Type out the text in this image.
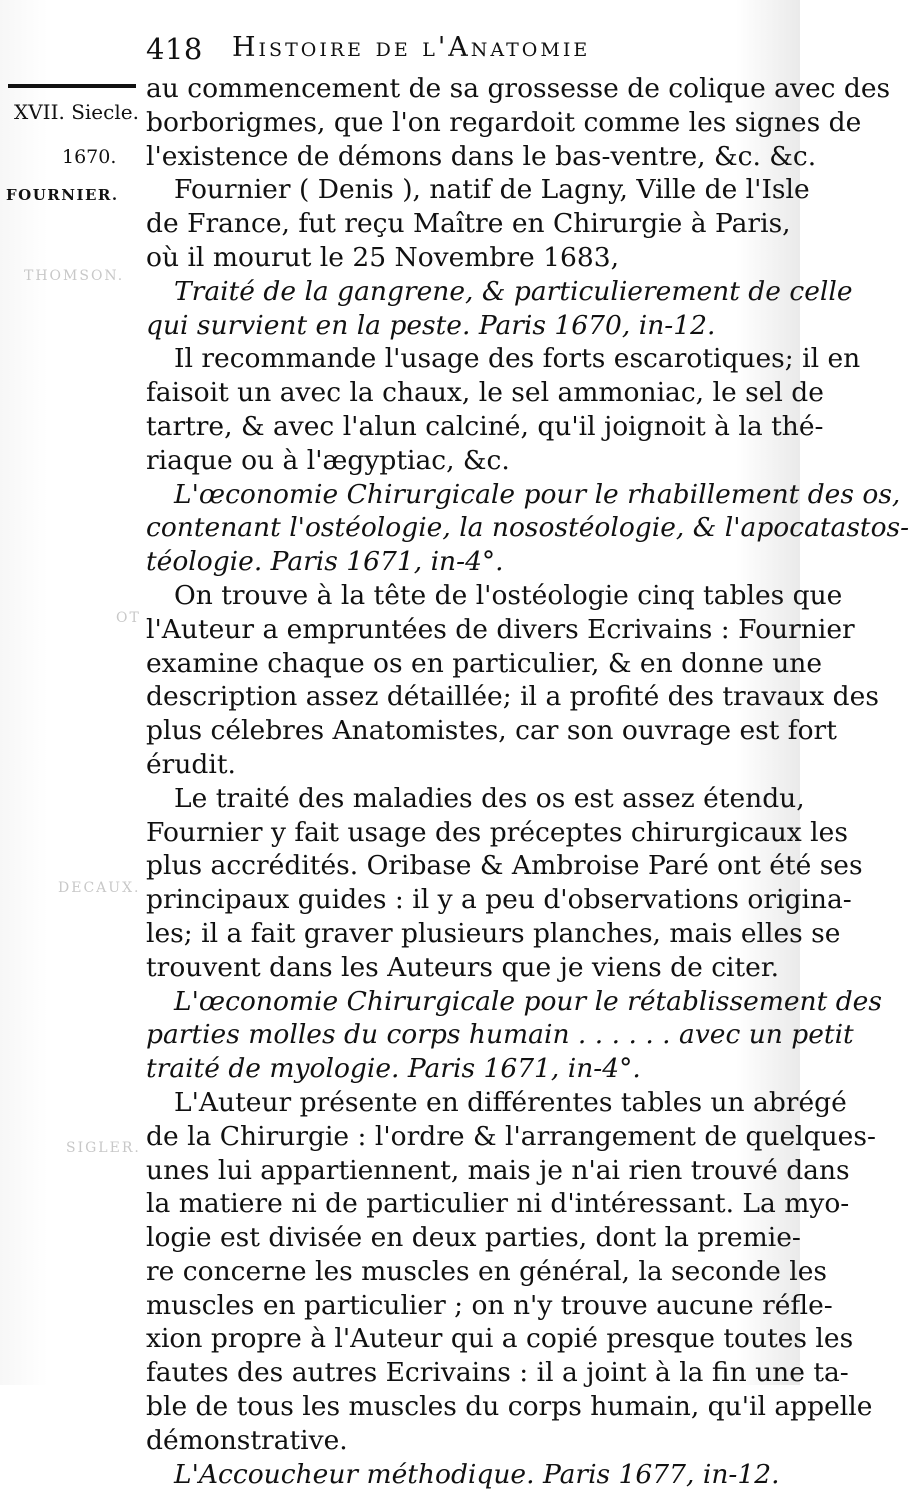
THOMSON.
OT
DECAUX.
SIGLER.
418 Histoire de l'Anatomie
XVII. Siecle.
1670.
FOURNIER.
au commencement de sa grossesse de colique avec des
borborigmes, que l'on regardoit comme les signes de
l'existence de démons dans le bas-ventre, &c. &c.
Fournier ( Denis ), natif de Lagny, Ville de l'Isle
de France, fut reçu Maître en Chirurgie à Paris,
où il mourut le 25 Novembre 1683,
Traité de la gangrene, & particulierement de celle
qui survient en la peste. Paris 1670, in-12.
Il recommande l'usage des forts escarotiques; il en
faisoit un avec la chaux, le sel ammoniac, le sel de
tartre, & avec l'alun calciné, qu'il joignoit à la thé-
riaque ou à l'ægyptiac, &c.
L'œconomie Chirurgicale pour le rhabillement des os,
contenant l'ostéologie, la nosostéologie, & l'apocatastos-
téologie. Paris 1671, in-4°.
On trouve à la tête de l'ostéologie cinq tables que
l'Auteur a empruntées de divers Ecrivains : Fournier
examine chaque os en particulier, & en donne une
description assez détaillée; il a profité des travaux des
plus célebres Anatomistes, car son ouvrage est fort
érudit.
Le traité des maladies des os est assez étendu,
Fournier y fait usage des préceptes chirurgicaux les
plus accrédités. Oribase & Ambroise Paré ont été ses
principaux guides : il y a peu d'observations origina-
les; il a fait graver plusieurs planches, mais elles se
trouvent dans les Auteurs que je viens de citer.
L'œconomie Chirurgicale pour le rétablissement des
parties molles du corps humain . . . . . . avec un petit
traité de myologie. Paris 1671, in-4°.
L'Auteur présente en différentes tables un abrégé
de la Chirurgie : l'ordre & l'arrangement de quelques-
unes lui appartiennent, mais je n'ai rien trouvé dans
la matiere ni de particulier ni d'intéressant. La myo-
logie est divisée en deux parties, dont la premie-
re concerne les muscles en général, la seconde les
muscles en particulier ; on n'y trouve aucune réfle-
xion propre à l'Auteur qui a copié presque toutes les
fautes des autres Ecrivains : il a joint à la fin une ta-
ble de tous les muscles du corps humain, qu'il appelle
démonstrative.
L'Accoucheur méthodique. Paris 1677, in-12.
